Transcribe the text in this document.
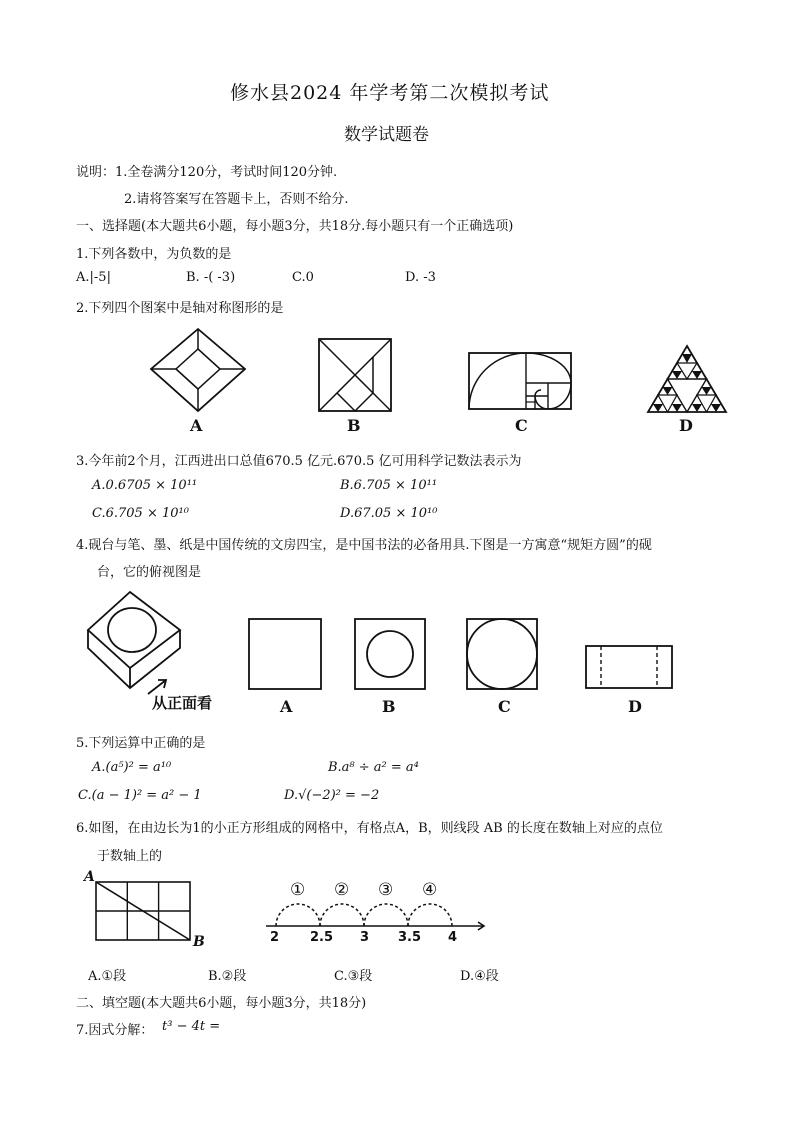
修水县2024 年学考第二次模拟考试
数学试题卷
说明：1.全卷满分120分，考试时间120分钟.
2.请将答案写在答题卡上，否则不给分.
一、选择题(本大题共6小题，每小题3分，共18分.每小题只有一个正确选项)
1.下列各数中，为负数的是
A.|-5|	B. -( -3)	C.0	D. -3
2.下列四个图案中是轴对称图形的是
A	B	C	D
3.今年前2个月，江西进出口总值670.5 亿元.670.5 亿可用科学记数法表示为
A.0.6705 × 10¹¹	B.6.705 × 10¹¹
C.6.705 × 10¹⁰	D.67.05 × 10¹⁰
4.砚台与笔、墨、纸是中国传统的文房四宝，是中国书法的必备用具.下图是一方寓意“规矩方圆”的砚
台，它的俯视图是
从正面看	A	B	C	D
5.下列运算中正确的是
A.(a⁵)² = a¹⁰	B.a⁸ ÷ a² = a⁴
C.(a − 1)² = a² − 1	D.√(−2)² = −2
6.如图，在由边长为1的小正方形组成的网格中，有格点A，B，则线段 AB 的长度在数轴上对应的点位
于数轴上的
A
B
① ② ③ ④
2 2.5 3 3.5 4
A.①段	B.②段	C.③段	D.④段
二、填空题(本大题共6小题，每小题3分，共18分)
7.因式分解： t³ − 4t =
